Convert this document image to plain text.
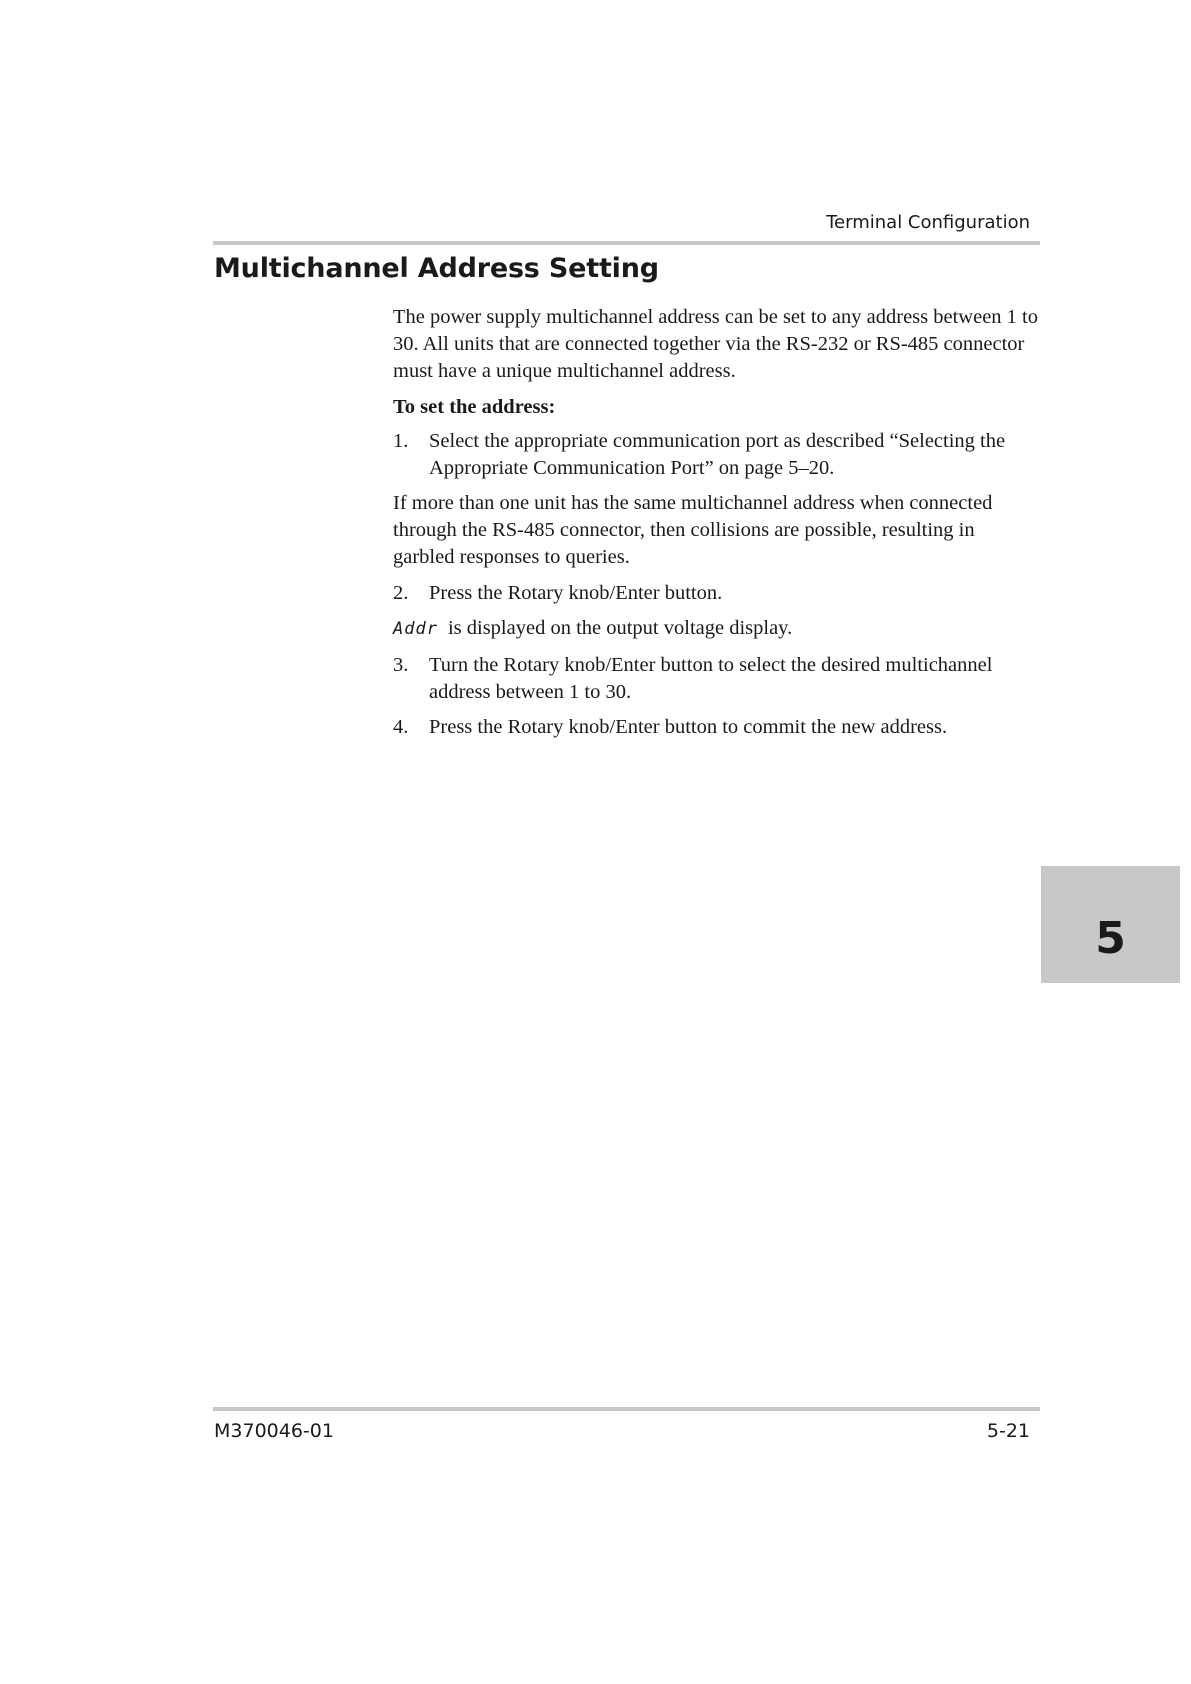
Terminal Configuration
Multichannel Address Setting

The power supply multichannel address can be set to any address between 1 to 30. All units that are connected together via the RS-232 or RS-485 connector must have a unique multichannel address.

To set the address:

1.	Select the appropriate communication port as described “Selecting the Appropriate Communication Port” on page 5–20.

If more than one unit has the same multichannel address when connected through the RS-485 connector, then collisions are possible, resulting in garbled responses to queries.

2.	Press the Rotary knob/Enter button.

Addr is displayed on the output voltage display.

3.	Turn the Rotary knob/Enter button to select the desired multichannel address between 1 to 30.
4.	Press the Rotary knob/Enter button to commit the new address.
5
M370046-01	5-21
